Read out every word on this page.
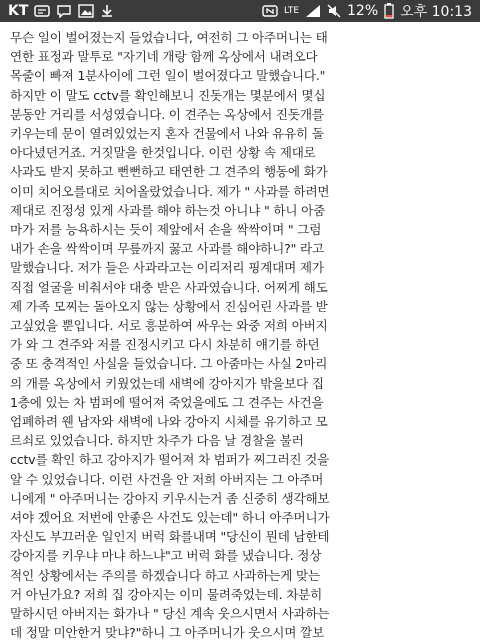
KT	LTE	12% 오후 10:13
무슨 일이 벌어졌는지 들었습니다, 여전히 그 아주머니는 태
연한 표정과 말투로 "자기네 개랑 함께 옥상에서 내려오다
목줄이 빠져 1분사이에 그런 일이 벌어졌다고 말했습니다."
하지만 이 말도 cctv를 확인해보니 진돗개는 몇분에서 몇십
분동안 거리를 서성였습니다. 이 견주는 옥상에서 진돗개를
키우는데 문이 열려있었는지 혼자 건물에서 나와 유유히 돌
아다녔던거죠. 거짓말을 한것입니다. 이런 상황 속 제대로
사과도 받지 못하고 뻔뻔하고 태연한 그 견주의 행동에 화가
이미 치어오를대로 치어올랐었습니다. 제가 " 사과를 하려면
제대로 진정성 있게 사과를 해야 하는것 아니냐 " 하니 아줌
마가 저를 능욕하시는 듯이 제앞에서 손을 싹싹이며 " 그럼
내가 손을 싹싹이며 무릎까지 꿇고 사과를 해야하니?" 라고
말했습니다. 저가 들은 사과라고는 이리저리 핑계대며 제가
직접 얼굴을 비춰서야 대충 받은 사과였습니다. 어찌게 해도
제 가족 모찌는 돌아오지 않는 상황에서 진심어린 사과를 받
고싶었을 뿐입니다. 서로 흥분하여 싸우는 와중 저희 아버지
가 와 그 견주와 저를 진정시키고 다시 차분히 얘기를 하던
중 또 충격적인 사실을 들었습니다. 그 아줌마는 사실 2마리
의 개를 옥상에서 키웠었는데 새벽에 강아지가 밖을보다 집
1층에 있는 차 범퍼에 떨어져 죽었을에도 그 견주는 사건을
엄폐하려 웬 남자와 새벽에 나와 강아지 시체를 유기하고 모
르쇠로 있었습니다. 하지만 차주가 다음 날 경찰을 불러
cctv를 확인 하고 강아지가 떨어져 차 범퍼가 찌그러진 것을
알 수 있었습니다. 이런 사건을 안 저희 아버지는 그 아주머
니에게 " 아주머니는 강아지 키우시는거 좀 신중히 생각해보
셔야 겠어요 저번에 안좋은 사건도 있는데" 하니 아주머니가
자신도 부끄러운 일인지 버럭 화를내며 "당신이 뭔데 남한테
강아지를 키우냐 마냐 하느냐"고 버럭 화를 냈습니다. 정상
적인 상황에서는 주의를 하겠습니다 하고 사과하는게 맞는
거 아닌가요? 저희 집 강아지는 이미 물려죽었는데. 차분히
말하시던 아버지는 화가나 " 당신 계속 웃으시면서 사과하는
데 정말 미안한거 맞냐?"하니 그 아주머니가 웃으시며 깔보
